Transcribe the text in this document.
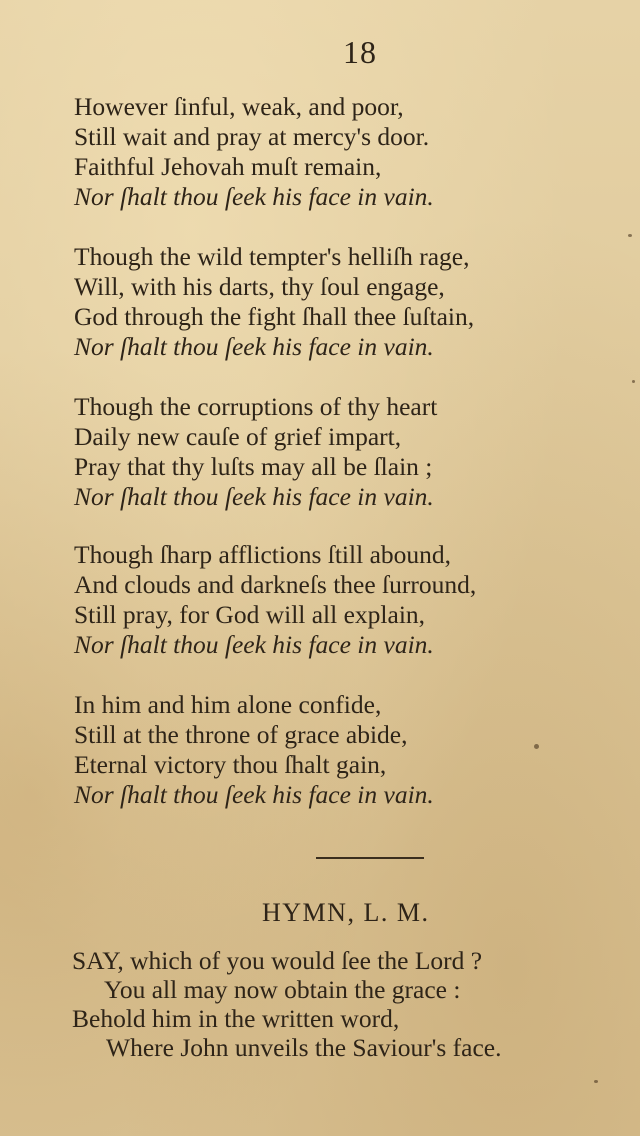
18
However ſinful, weak, and poor,
Still wait and pray at mercy's door.
Faithful Jehovah muſt remain,
Nor ſhalt thou ſeek his face in vain.
Though the wild tempter's helliſh rage,
Will, with his darts, thy ſoul engage,
God through the fight ſhall thee ſuſtain,
Nor ſhalt thou ſeek his face in vain.
Though the corruptions of thy heart
Daily new cauſe of grief impart,
Pray that thy luſts may all be ſlain ;
Nor ſhalt thou ſeek his face in vain.
Though ſharp afflictions ſtill abound,
And clouds and darkneſs thee ſurround,
Still pray, for God will all explain,
Nor ſhalt thou ſeek his face in vain.
In him and him alone confide,
Still at the throne of grace abide,
Eternal victory thou ſhalt gain,
Nor ſhalt thou ſeek his face in vain.
HYMN, L. M.
SAY, which of you would ſee the Lord ?
You all may now obtain the grace :
Behold him in the written word,
Where John unveils the Saviour's face.
